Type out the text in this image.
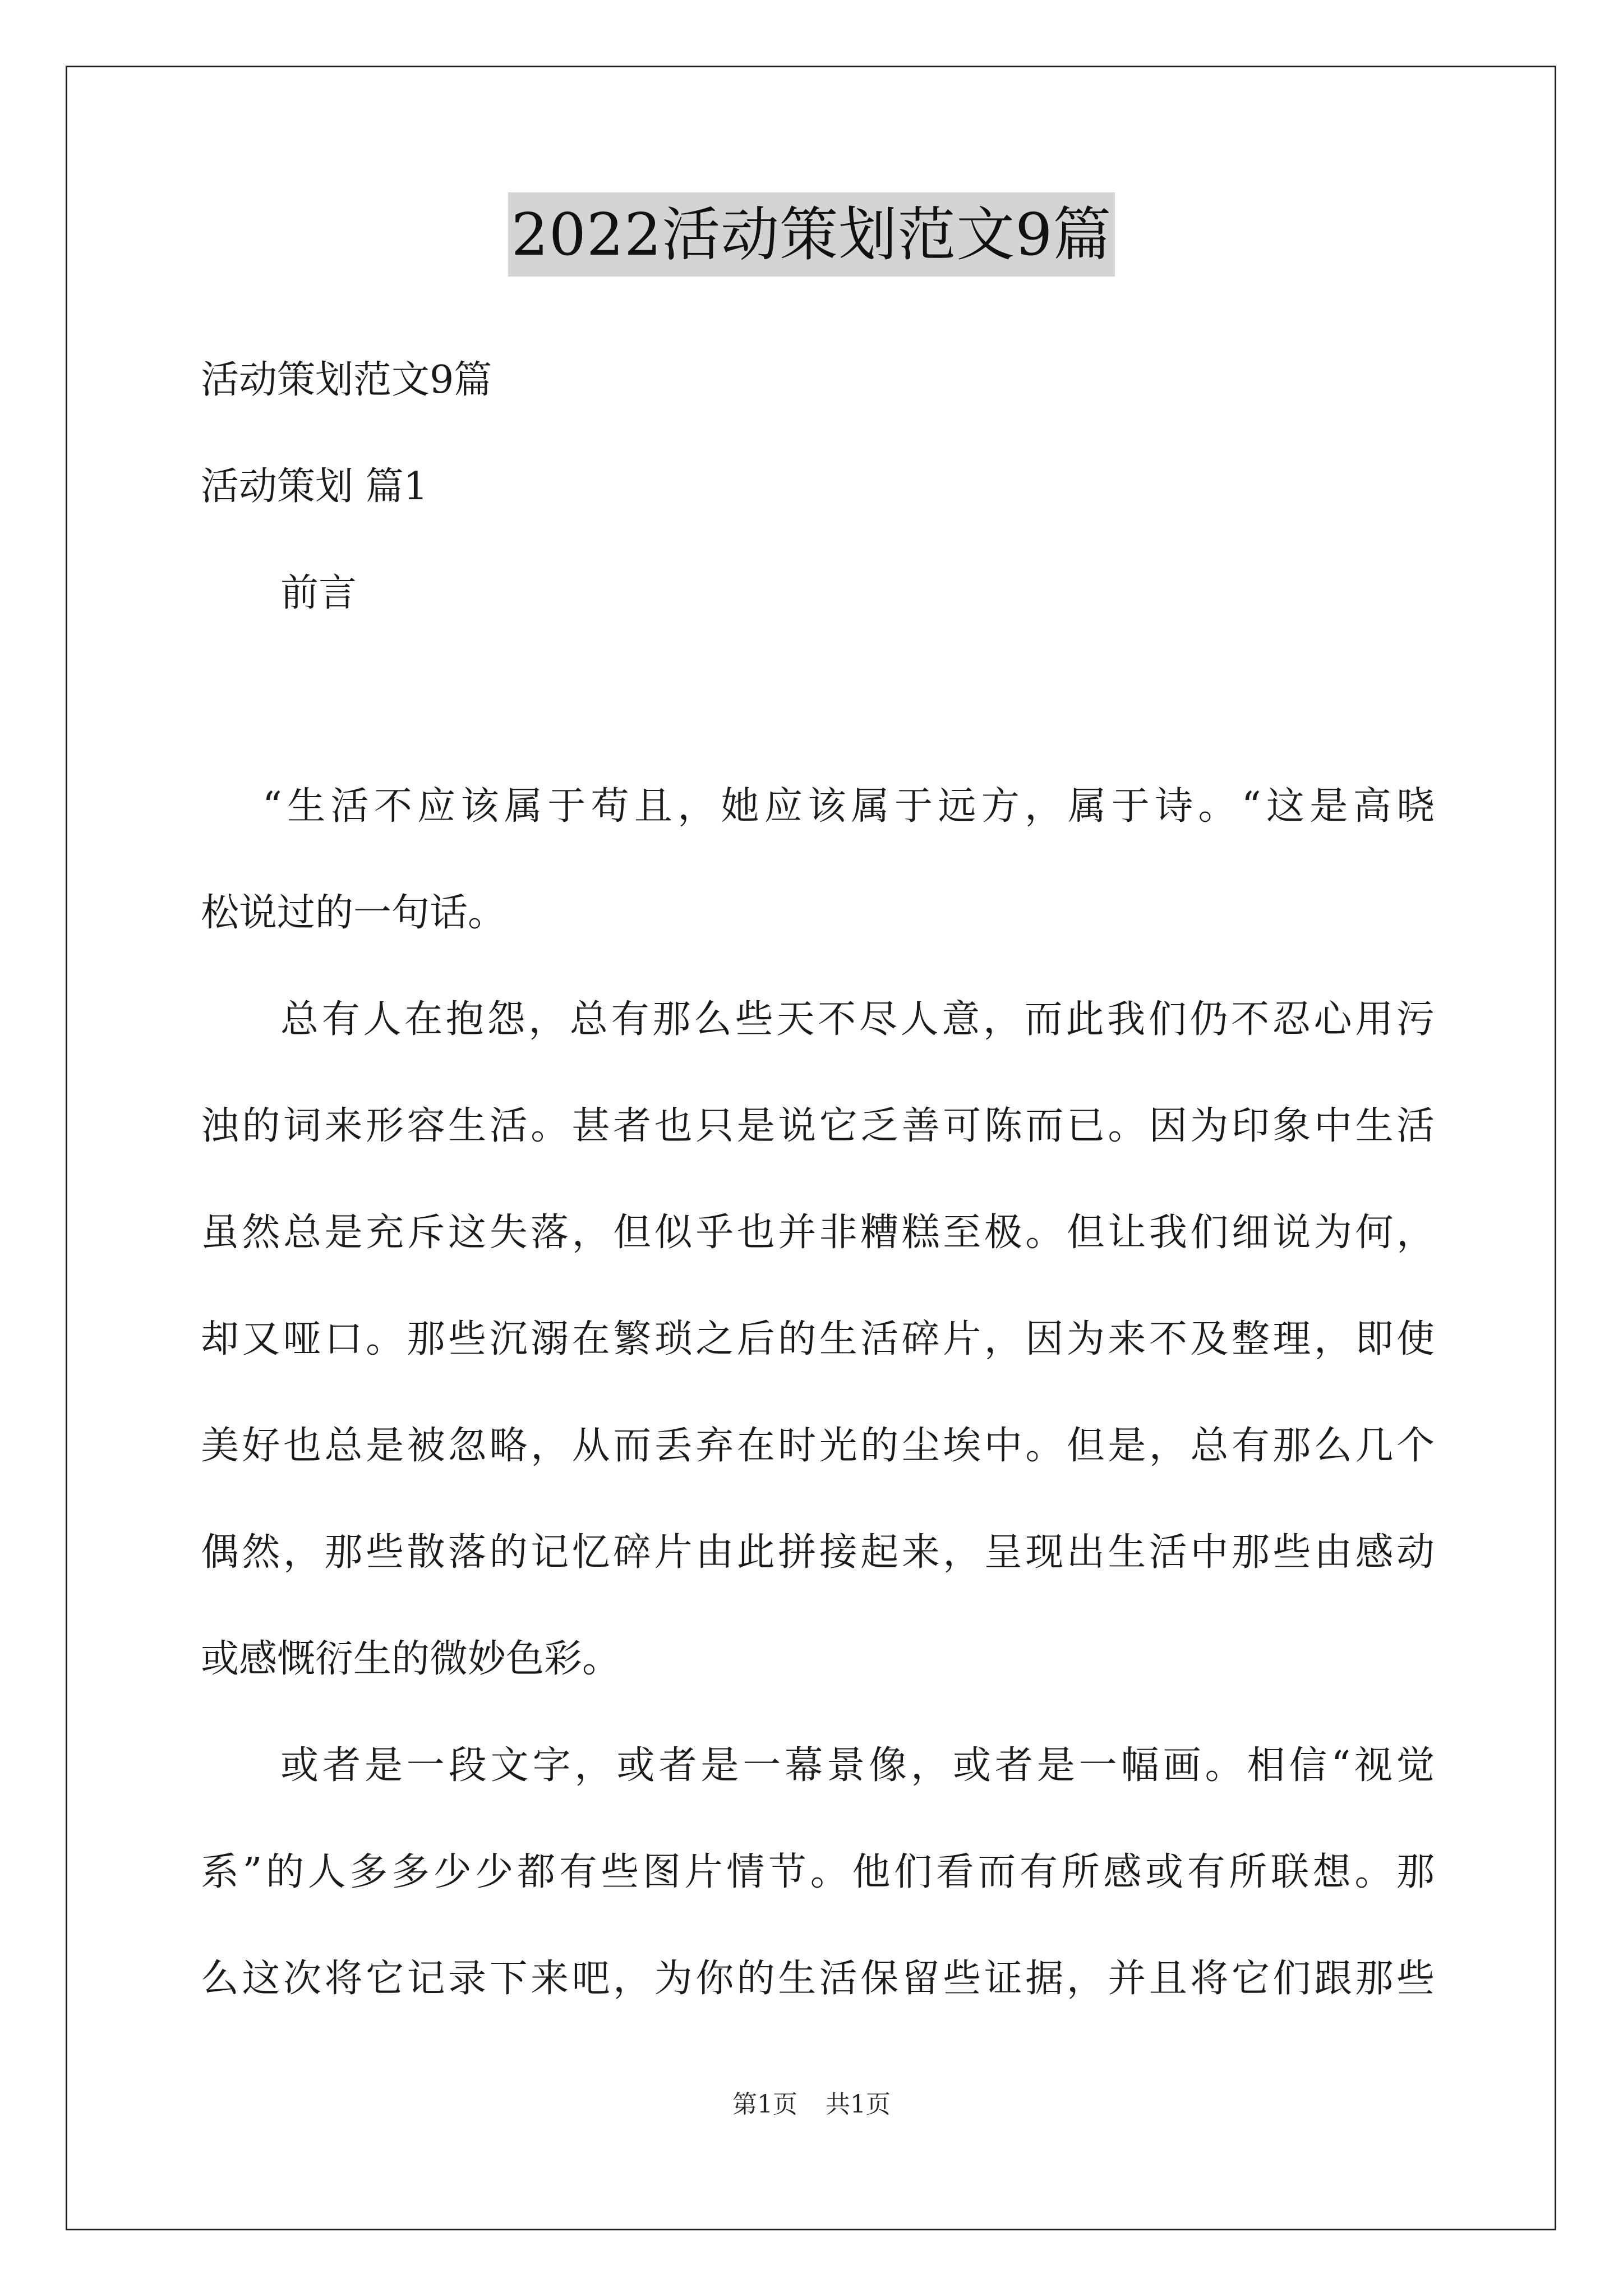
2022活动策划范文9篇
活动策划范文9篇
活动策划 篇1
前言
“生活不应该属于苟且，她应该属于远方，属于诗。“这是高晓
松说过的一句话。
总有人在抱怨，总有那么些天不尽人意，而此我们仍不忍心用污
浊的词来形容生活。甚者也只是说它乏善可陈而已。因为印象中生活
虽然总是充斥这失落，但似乎也并非糟糕至极。但让我们细说为何，
却又哑口。那些沉溺在繁琐之后的生活碎片，因为来不及整理，即使
美好也总是被忽略，从而丢弃在时光的尘埃中。但是，总有那么几个
偶然，那些散落的记忆碎片由此拼接起来，呈现出生活中那些由感动
或感慨衍生的微妙色彩。
或者是一段文字，或者是一幕景像，或者是一幅画。相信“视觉
系”的人多多少少都有些图片情节。他们看而有所感或有所联想。那
么这次将它记录下来吧，为你的生活保留些证据，并且将它们跟那些
第1页 共1页
